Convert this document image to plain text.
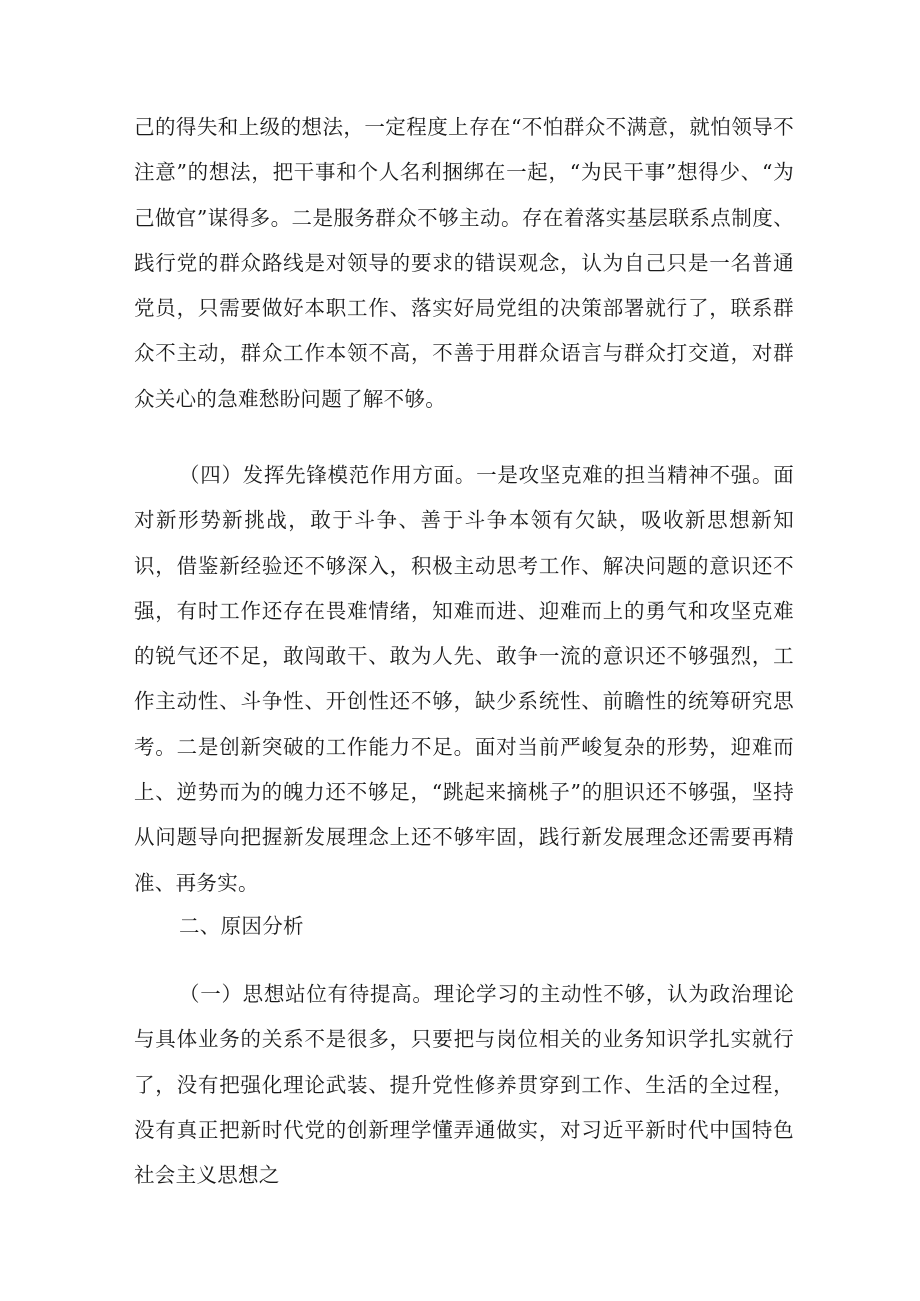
己的得失和上级的想法，一定程度上存在“不怕群众不满意，就怕领导不注意”的想法，把干事和个人名利捆绑在一起，“为民干事”想得少、“为己做官”谋得多。二是服务群众不够主动。存在着落实基层联系点制度、践行党的群众路线是对领导的要求的错误观念，认为自己只是一名普通党员，只需要做好本职工作、落实好局党组的决策部署就行了，联系群众不主动，群众工作本领不高，不善于用群众语言与群众打交道，对群众关心的急难愁盼问题了解不够。

（四）发挥先锋模范作用方面。一是攻坚克难的担当精神不强。面对新形势新挑战，敢于斗争、善于斗争本领有欠缺，吸收新思想新知识，借鉴新经验还不够深入，积极主动思考工作、解决问题的意识还不强，有时工作还存在畏难情绪，知难而进、迎难而上的勇气和攻坚克难的锐气还不足，敢闯敢干、敢为人先、敢争一流的意识还不够强烈，工作主动性、斗争性、开创性还不够，缺少系统性、前瞻性的统筹研究思考。二是创新突破的工作能力不足。面对当前严峻复杂的形势，迎难而上、逆势而为的魄力还不够足，“跳起来摘桃子”的胆识还不够强，坚持从问题导向把握新发展理念上还不够牢固，践行新发展理念还需要再精准、再务实。

二、原因分析

（一）思想站位有待提高。理论学习的主动性不够，认为政治理论与具体业务的关系不是很多，只要把与岗位相关的业务知识学扎实就行了，没有把强化理论武装、提升党性修养贯穿到工作、生活的全过程，没有真正把新时代党的创新理学懂弄通做实，对习近平新时代中国特色社会主义思想之
